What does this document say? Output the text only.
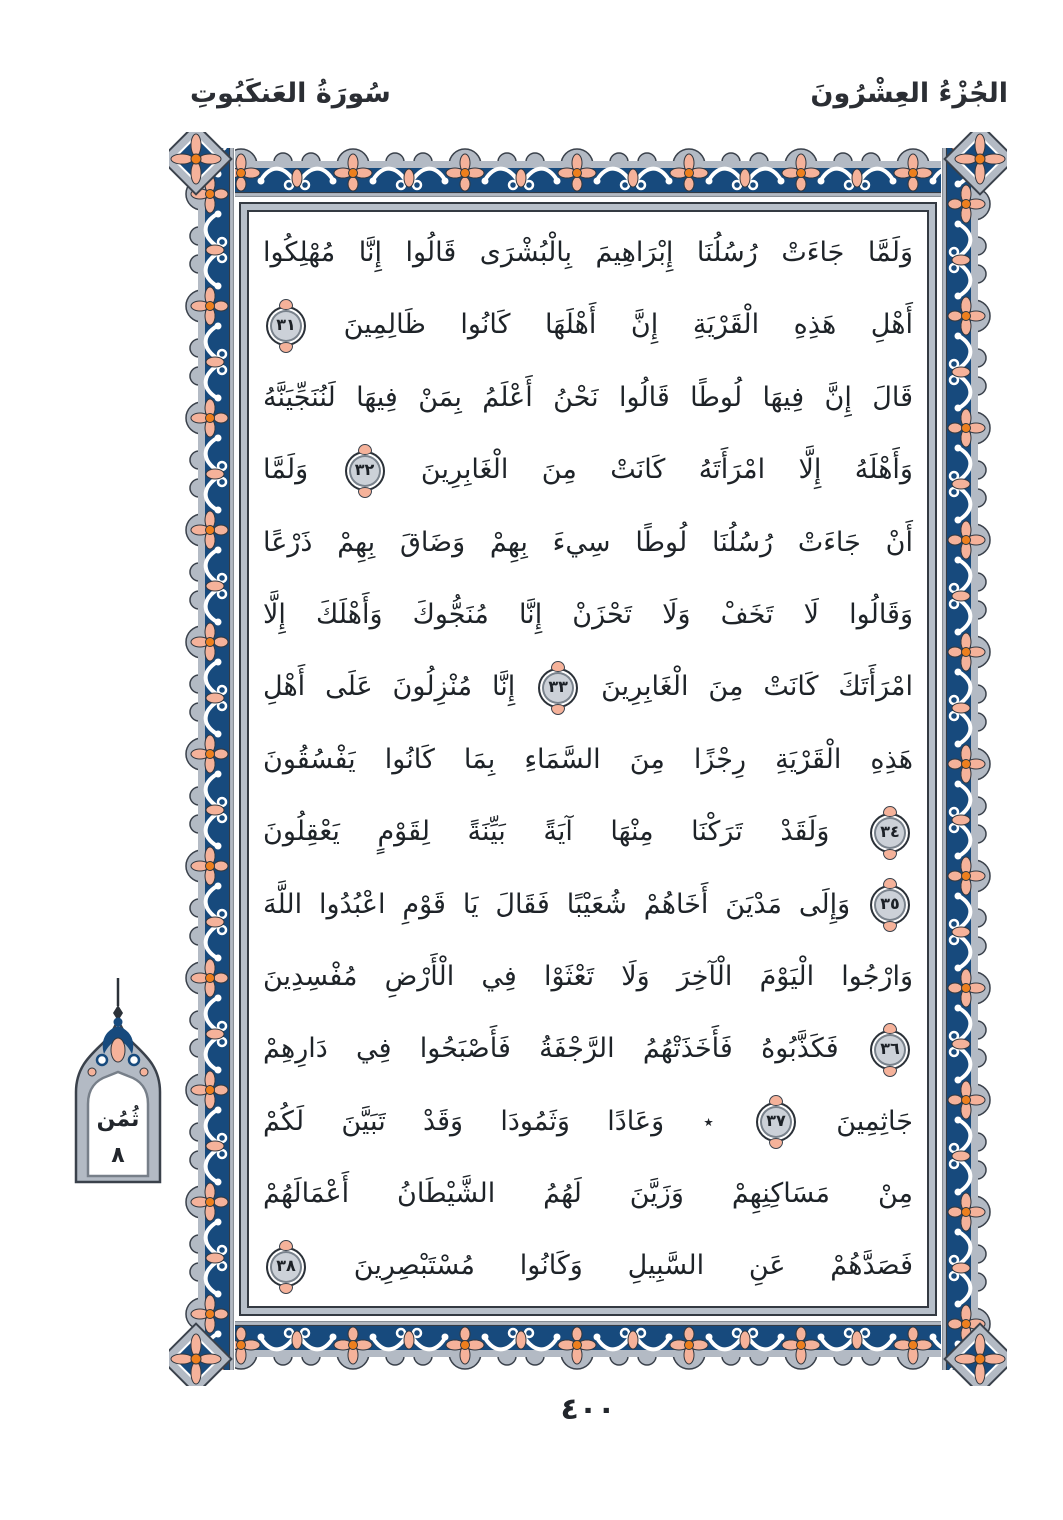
سُورَةُ العَنكَبُوتِ	الجُزْءُ العِشْرُونَ
وَلَمَّا جَاءَتْ رُسُلُنَا إِبْرَاهِيمَ بِالْبُشْرَى قَالُوا إِنَّا مُهْلِكُوا
أَهْلِ هَذِهِ الْقَرْيَةِ إِنَّ أَهْلَهَا كَانُوا ظَالِمِينَ ٣١
قَالَ إِنَّ فِيهَا لُوطًا قَالُوا نَحْنُ أَعْلَمُ بِمَنْ فِيهَا لَنُنَجِّيَنَّهُ
وَأَهْلَهُ إِلَّا امْرَأَتَهُ كَانَتْ مِنَ الْغَابِرِينَ ٣٢ وَلَمَّا
أَنْ جَاءَتْ رُسُلُنَا لُوطًا سِيءَ بِهِمْ وَضَاقَ بِهِمْ ذَرْعًا
وَقَالُوا لَا تَخَفْ وَلَا تَحْزَنْ إِنَّا مُنَجُّوكَ وَأَهْلَكَ إِلَّا
امْرَأَتَكَ كَانَتْ مِنَ الْغَابِرِينَ ٣٣ إِنَّا مُنْزِلُونَ عَلَى أَهْلِ
هَذِهِ الْقَرْيَةِ رِجْزًا مِنَ السَّمَاءِ بِمَا كَانُوا يَفْسُقُونَ
٣٤ وَلَقَدْ تَرَكْنَا مِنْهَا آيَةً بَيِّنَةً لِقَوْمٍ يَعْقِلُونَ
٣٥ وَإِلَى مَدْيَنَ أَخَاهُمْ شُعَيْبًا فَقَالَ يَا قَوْمِ اعْبُدُوا اللَّهَ
وَارْجُوا الْيَوْمَ الْآخِرَ وَلَا تَعْثَوْا فِي الْأَرْضِ مُفْسِدِينَ
٣٦ فَكَذَّبُوهُ فَأَخَذَتْهُمُ الرَّجْفَةُ فَأَصْبَحُوا فِي دَارِهِمْ
جَاثِمِينَ ٣٧ ٭ وَعَادًا وَثَمُودَا وَقَدْ تَبَيَّنَ لَكُمْ
مِنْ مَسَاكِنِهِمْ وَزَيَّنَ لَهُمُ الشَّيْطَانُ أَعْمَالَهُمْ
فَصَدَّهُمْ عَنِ السَّبِيلِ وَكَانُوا مُسْتَبْصِرِينَ ٣٨
ثُمُن
٨
٤٠٠
